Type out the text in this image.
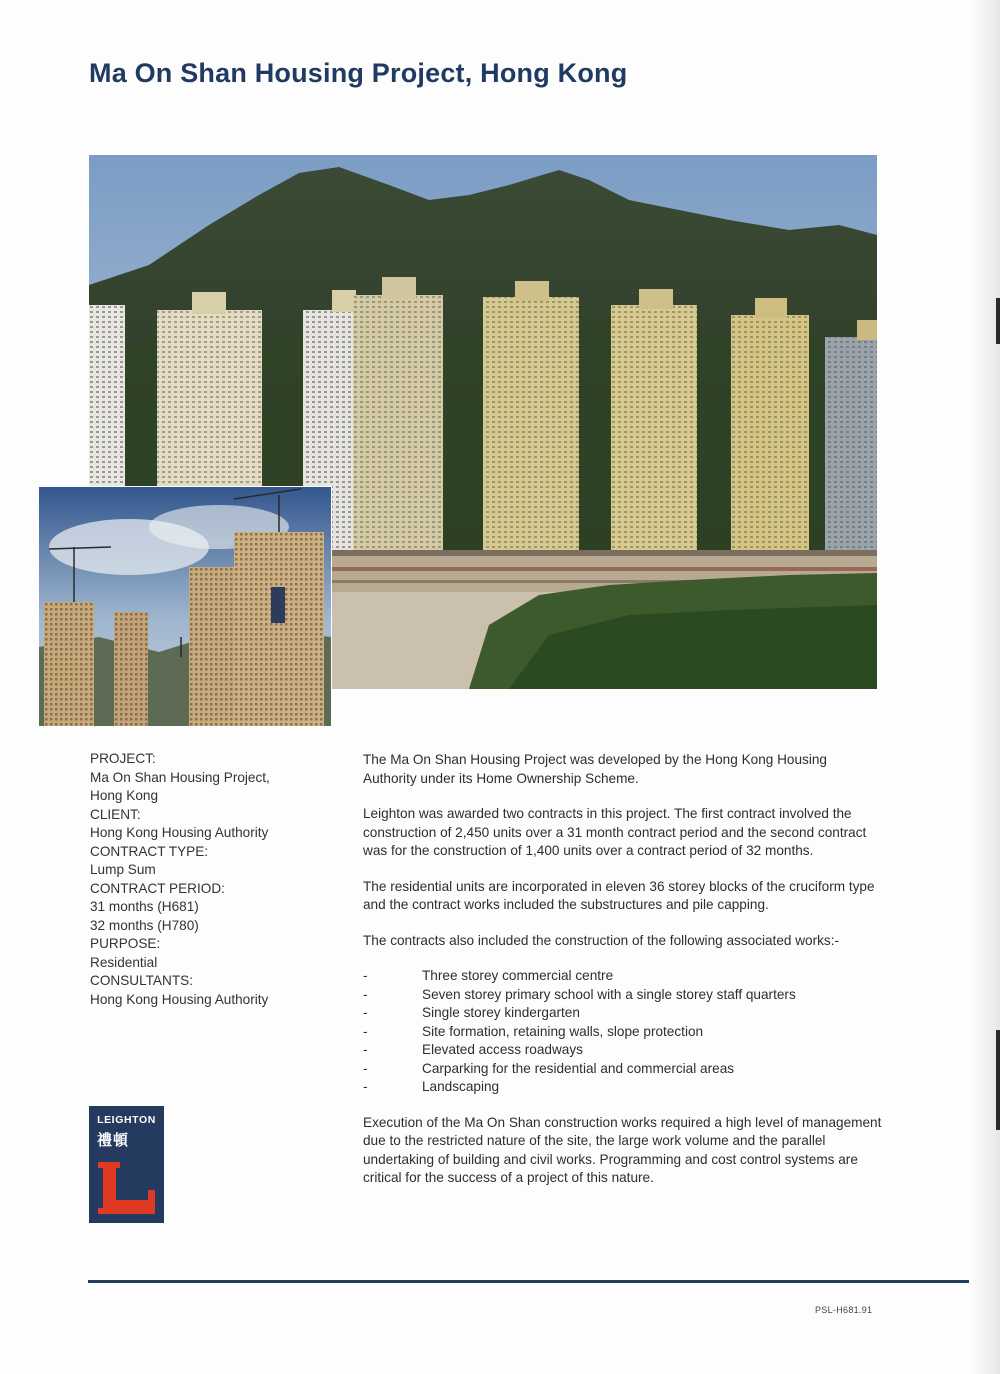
Ma On Shan Housing Project, Hong Kong
PROJECT:
Ma On Shan Housing Project,
Hong Kong
CLIENT:
Hong Kong Housing Authority
CONTRACT TYPE:
Lump Sum
CONTRACT PERIOD:
31 months (H681)
32 months (H780)
PURPOSE:
Residential
CONSULTANTS:
Hong Kong Housing Authority

The Ma On Shan Housing Project was developed by the Hong Kong Housing Authority under its Home Ownership Scheme.

Leighton was awarded two contracts in this project. The first contract involved the construction of 2,450 units over a 31 month contract period and the second contract was for the construction of 1,400 units over a contract period of 32 months.

The residential units are incorporated in eleven 36 storey blocks of the cruciform type and the contract works included the substructures and pile capping.

The contracts also included the construction of the following associated works:-

-	Three storey commercial centre
-	Seven storey primary school with a single storey staff quarters
-	Single storey kindergarten
-	Site formation, retaining walls, slope protection
-	Elevated access roadways
-	Carparking for the residential and commercial areas
-	Landscaping

Execution of the Ma On Shan construction works required a high level of management due to the restricted nature of the site, the large work volume and the parallel undertaking of building and civil works. Programming and cost control systems are critical for the success of a project of this nature.

LEIGHTON
禮頓
PSL-H681.91
